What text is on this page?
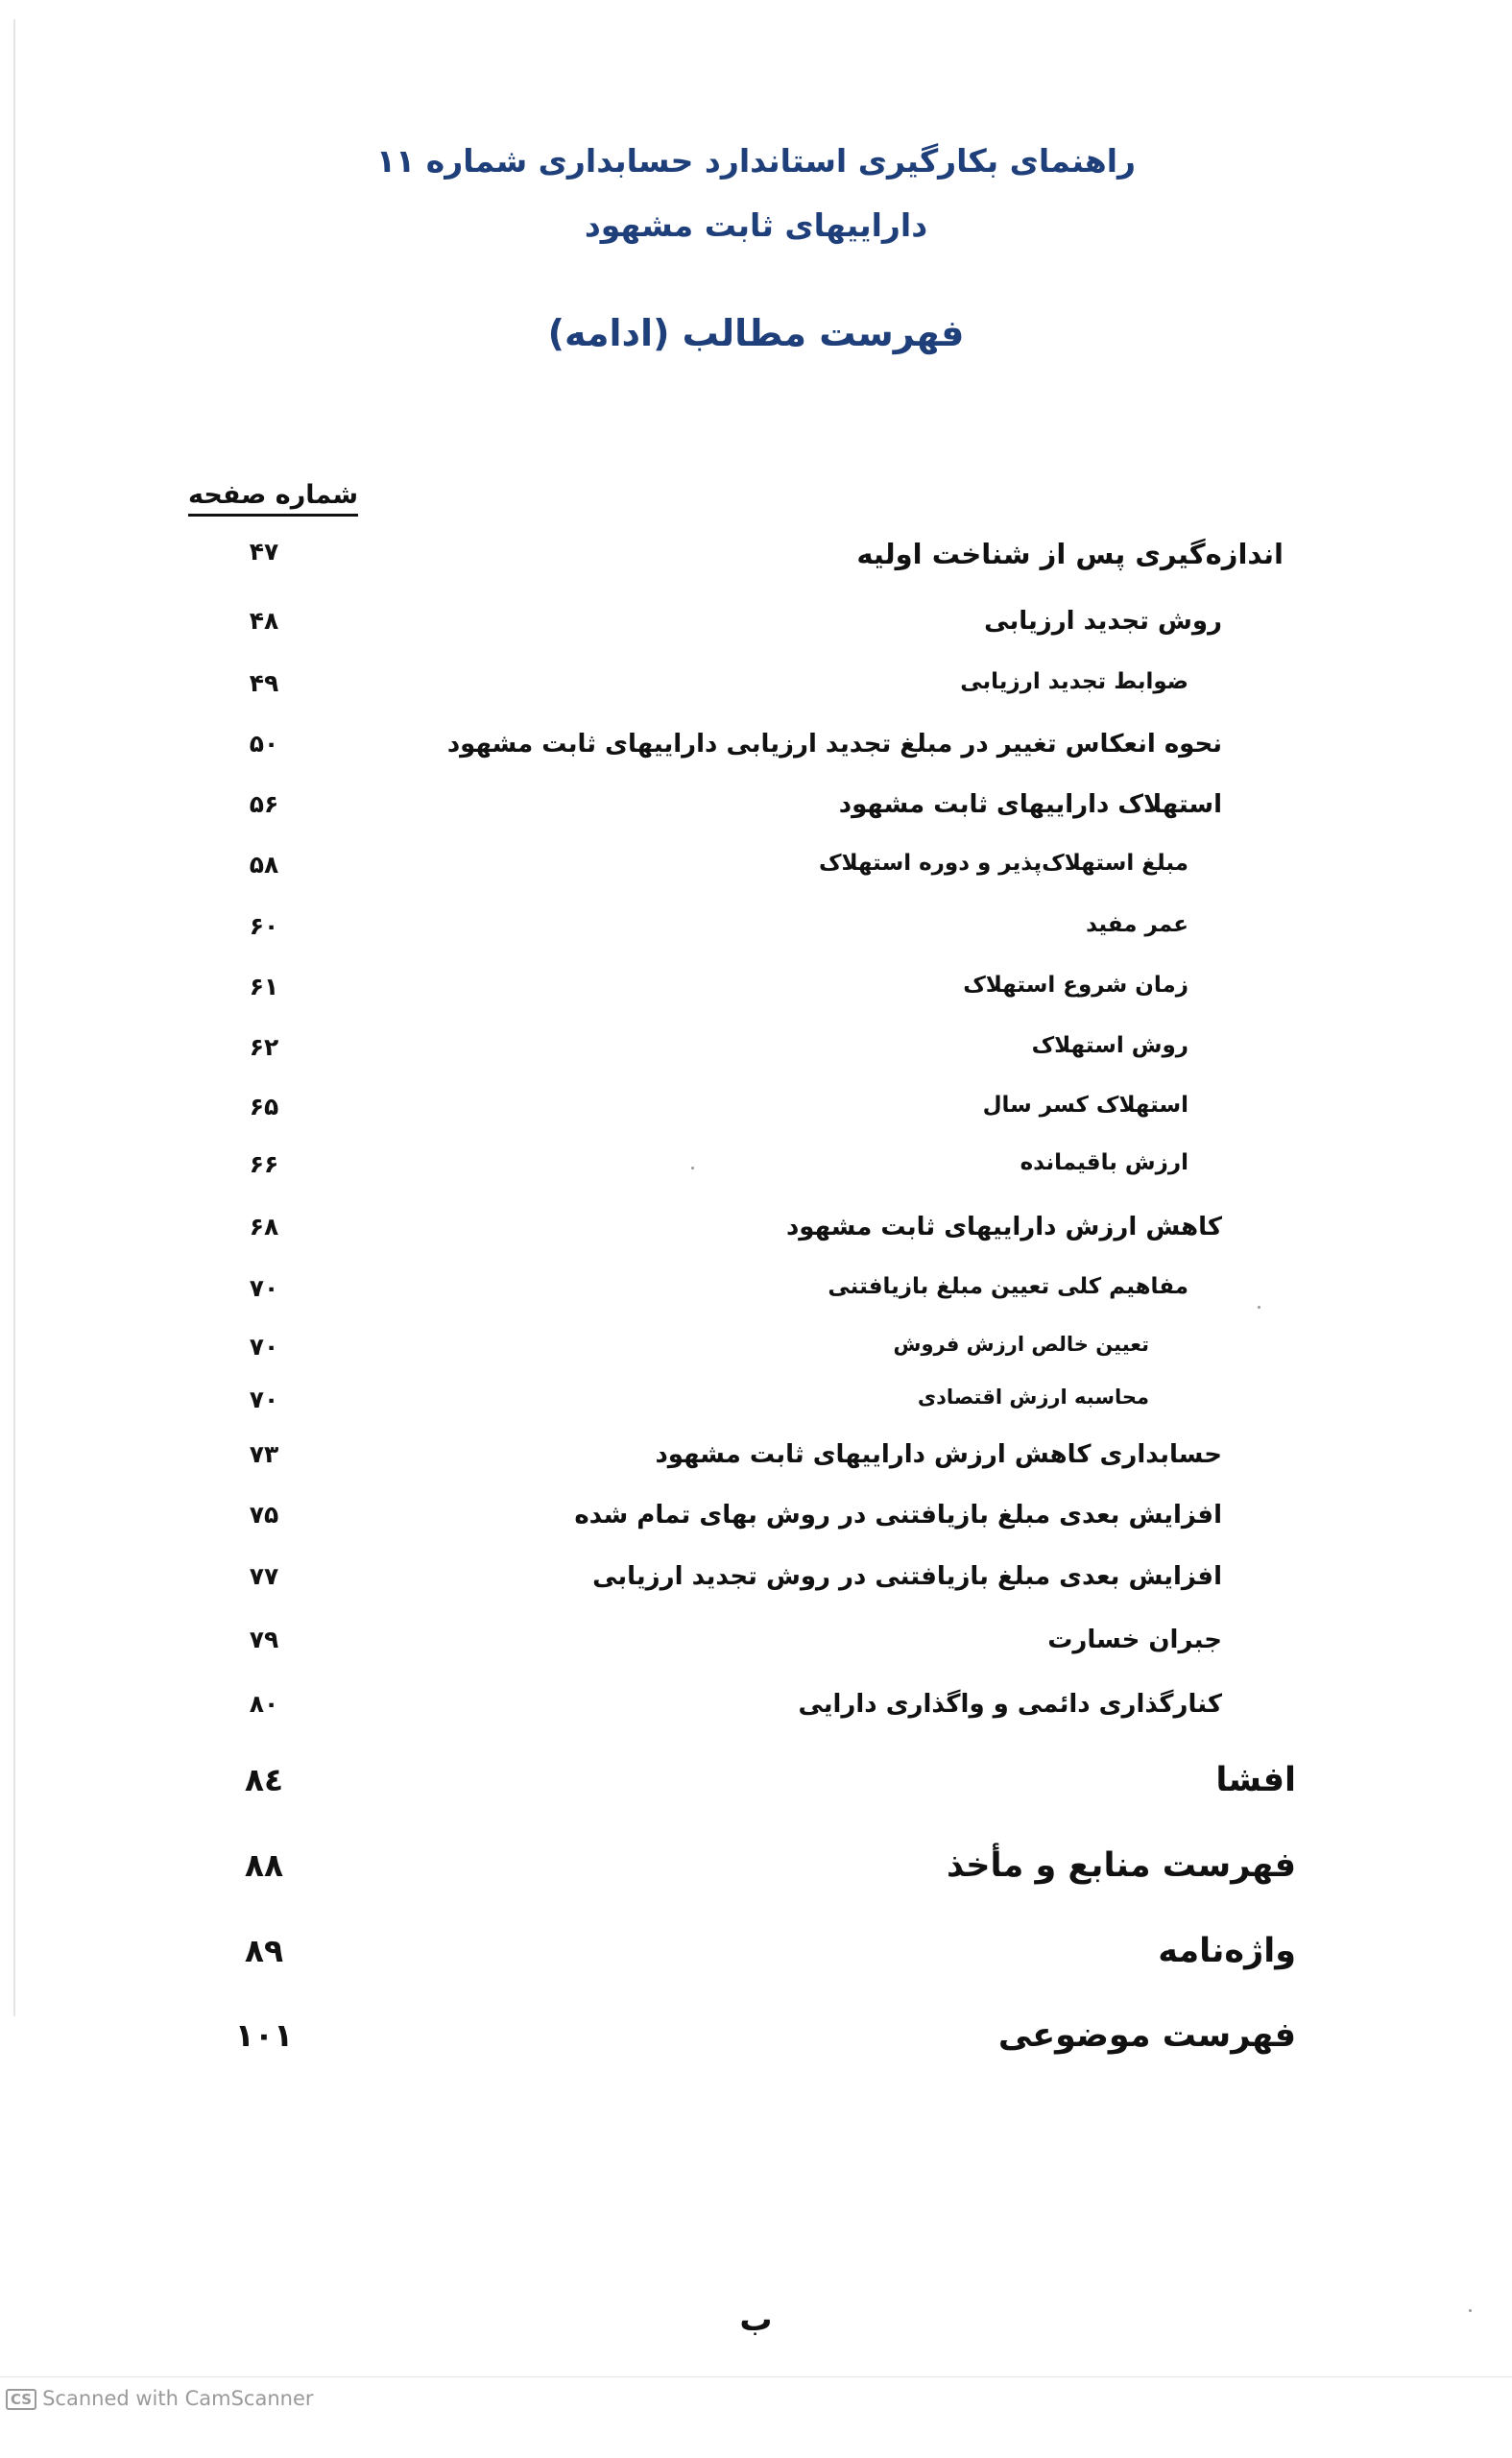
راهنمای بکارگیری استاندارد حسابداری شماره ۱۱
داراییهای ثابت مشهود
فهرست مطالب (ادامه)
شماره صفحه
اندازه‌گیری پس از شناخت اولیه
۴۷
روش تجدید ارزیابی
۴۸
ضوابط تجدید ارزیابی
۴۹
نحوه انعکاس تغییر در مبلغ تجدید ارزیابی داراییهای ثابت مشهود
۵۰
استهلاک داراییهای ثابت مشهود
۵۶
مبلغ استهلاک‌پذیر و دوره استهلاک
۵۸
عمر مفید
۶۰
زمان شروع استهلاک
۶۱
روش استهلاک
۶۲
استهلاک کسر سال
۶۵
ارزش باقیمانده
۶۶
کاهش ارزش داراییهای ثابت مشهود
۶۸
مفاهیم کلی تعیین مبلغ بازیافتنی
۷۰
تعیین خالص ارزش فروش
۷۰
محاسبه ارزش اقتصادی
۷۰
حسابداری کاهش ارزش داراییهای ثابت مشهود
۷۳
افزایش بعدی مبلغ بازیافتنی در روش بهای تمام شده
۷۵
افزایش بعدی مبلغ بازیافتنی در روش تجدید ارزیابی
۷۷
جبران خسارت
۷۹
کنارگذاری دائمی و واگذاری دارایی
۸۰
افشا
۸٤
فهرست منابع و مأخذ
۸۸
واژه‌نامه
۸۹
فهرست موضوعی
۱۰۱
ب
CS Scanned with CamScanner
